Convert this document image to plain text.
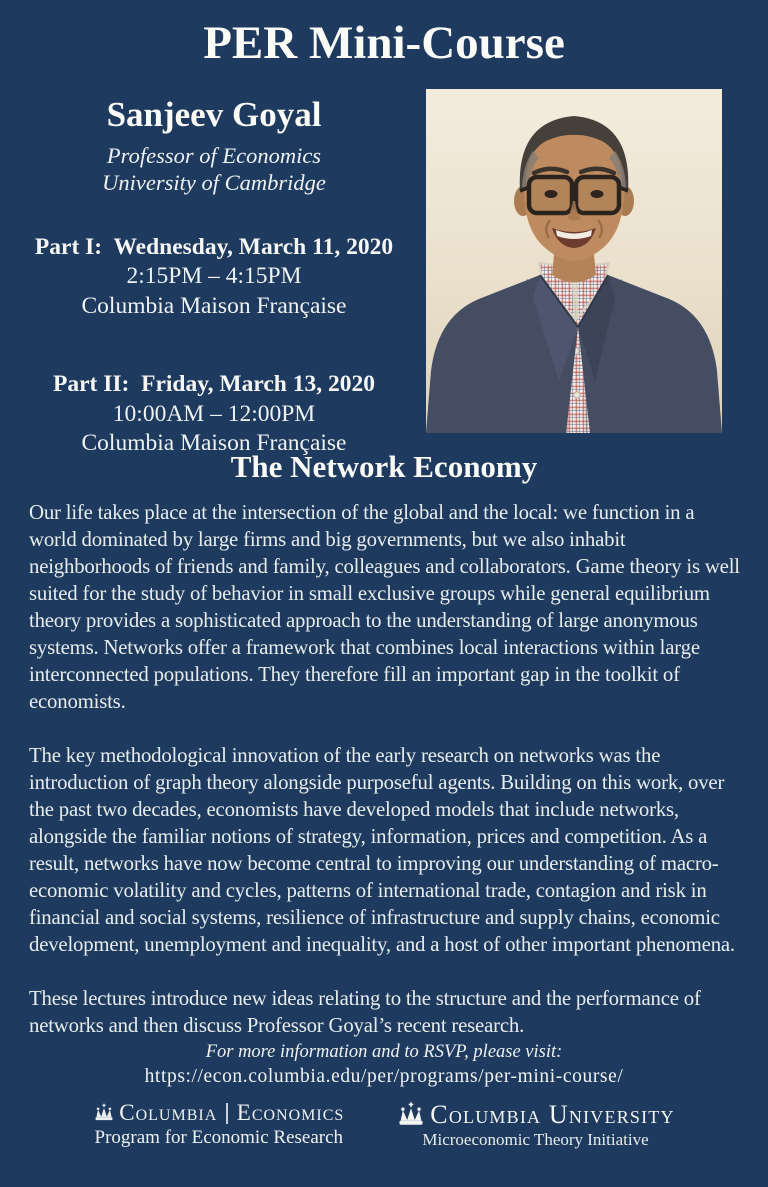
PER Mini-Course
Sanjeev Goyal
Professor of Economics
University of Cambridge
Part I:  Wednesday, March 11, 2020
2:15PM – 4:15PM
Columbia Maison Française
Part II:  Friday, March 13, 2020
10:00AM – 12:00PM
Columbia Maison Française
The Network Economy

Our life takes place at the intersection of the global and the local: we function in a world dominated by large firms and big governments, but we also inhabit neighborhoods of friends and family, colleagues and collaborators. Game theory is well suited for the study of behavior in small exclusive groups while general equilibrium theory provides a sophisticated approach to the understanding of large anonymous systems. Networks offer a framework that combines local interactions within large interconnected populations. They therefore fill an important gap in the toolkit of economists.

The key methodological innovation of the early research on networks was the introduction of graph theory alongside purposeful agents. Building on this work, over the past two decades, economists have developed models that include networks, alongside the familiar notions of strategy, information, prices and competition. As a result, networks have now become central to improving our understanding of macro-economic volatility and cycles, patterns of international trade, contagion and risk in financial and social systems, resilience of infrastructure and supply chains, economic development, unemployment and inequality, and a host of other important phenomena.

These lectures introduce new ideas relating to the structure and the performance of networks and then discuss Professor Goyal’s recent research.

For more information and to RSVP, please visit:
https://econ.columbia.edu/per/programs/per-mini-course/
Columbia Economics
Program for Economic Research
Columbia University
Microeconomic Theory Initiative
